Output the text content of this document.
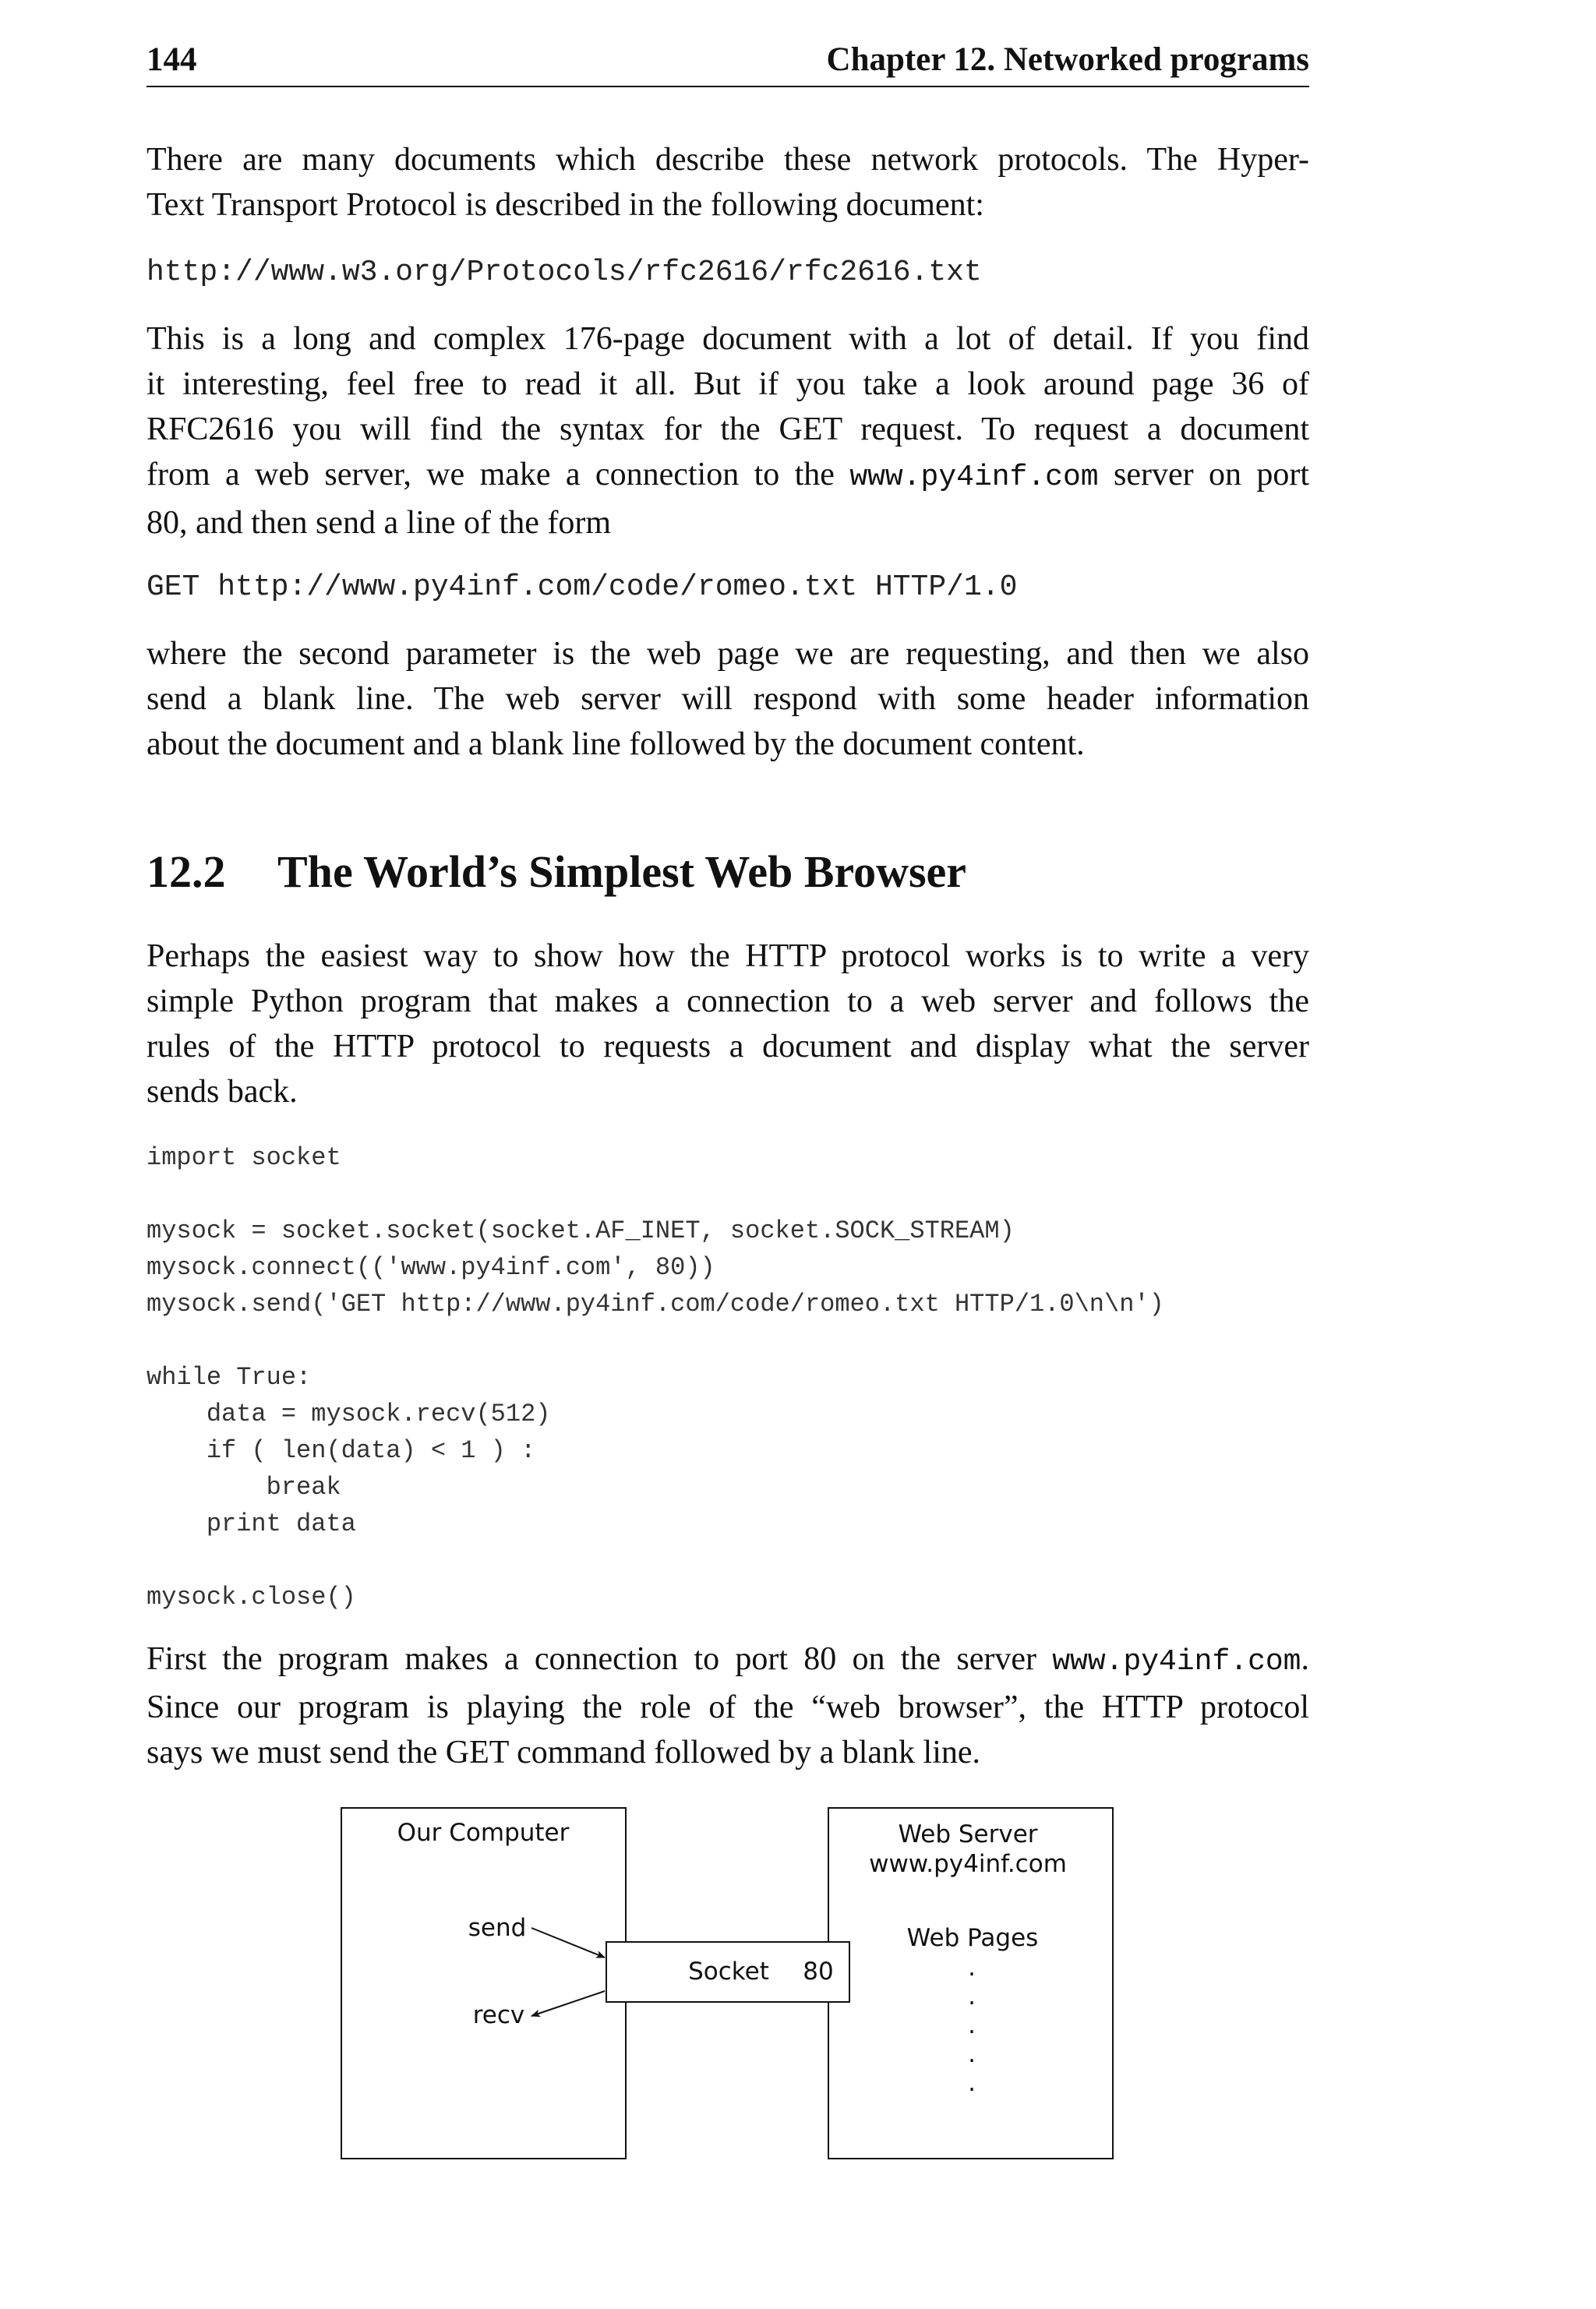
144	Chapter 12. Networked programs
There are many documents which describe these network protocols. The Hyper-
Text Transport Protocol is described in the following document:
http://www.w3.org/Protocols/rfc2616/rfc2616.txt
This is a long and complex 176-page document with a lot of detail. If you find
it interesting, feel free to read it all. But if you take a look around page 36 of
RFC2616 you will find the syntax for the GET request. To request a document
from a web server, we make a connection to the www.py4inf.com server on port
80, and then send a line of the form
GET http://www.py4inf.com/code/romeo.txt HTTP/1.0
where the second parameter is the web page we are requesting, and then we also
send a blank line. The web server will respond with some header information
about the document and a blank line followed by the document content.
12.2 The World’s Simplest Web Browser
Perhaps the easiest way to show how the HTTP protocol works is to write a very
simple Python program that makes a connection to a web server and follows the
rules of the HTTP protocol to requests a document and display what the server
sends back.
import socket
mysock = socket.socket(socket.AF_INET, socket.SOCK_STREAM)
mysock.connect(('www.py4inf.com', 80))
mysock.send('GET http://www.py4inf.com/code/romeo.txt HTTP/1.0\n\n')
while True:
data = mysock.recv(512)
if ( len(data) < 1 ) :
break
print data
mysock.close()
First the program makes a connection to port 80 on the server www.py4inf.com.
Since our program is playing the role of the “web browser”, the HTTP protocol
says we must send the GET command followed by a blank line.
Our Computer
send
recv
Socket 80
Web Server
www.py4inf.com
Web Pages
.
.
.
.
.
